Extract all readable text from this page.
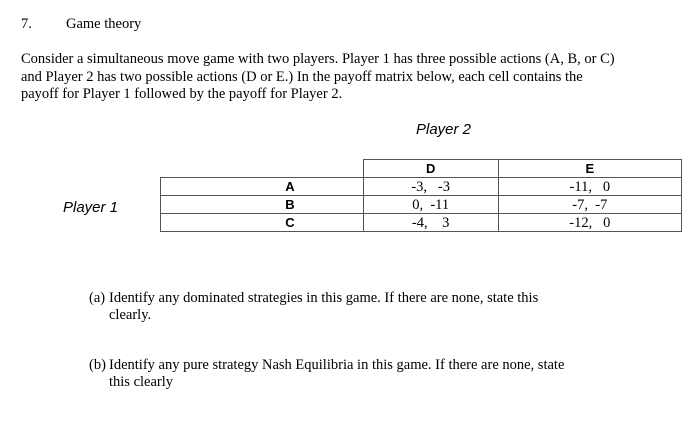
7. Game theory
Consider a simultaneous move game with two players. Player 1 has three possible actions (A, B, or C) and Player 2 has two possible actions (D or E.) In the payoff matrix below, each cell contains the payoff for Player 1 followed by the payoff for Player 2.
Player 2
Player 1
	D	E
A	-3,   -3	-11,   0
B	0,  -11	-7,  -7
C	-4,    3	-12,   0
(a) Identify any dominated strategies in this game. If there are none, state this
clearly.
(b) Identify any pure strategy Nash Equilibria in this game. If there are none, state
this clearly
